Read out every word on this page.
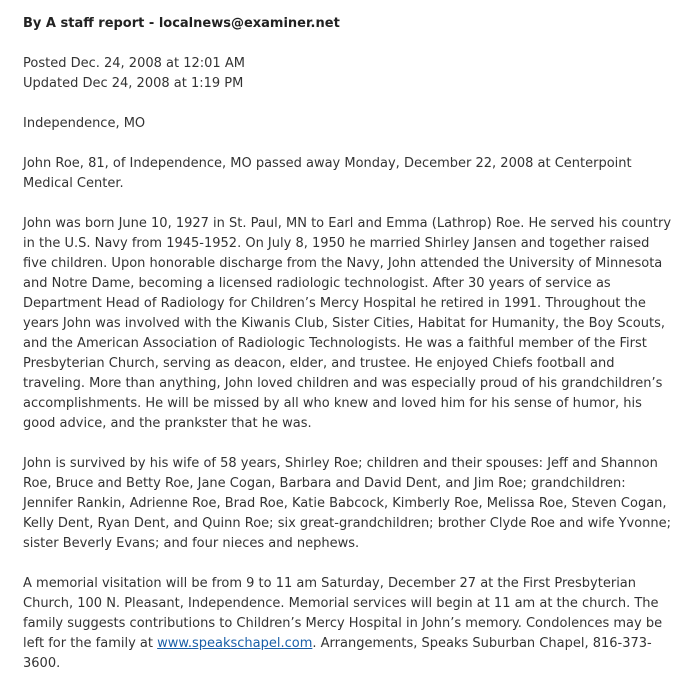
By A staff report - localnews@examiner.net
Posted Dec. 24, 2008 at 12:01 AM
Updated Dec 24, 2008 at 1:19 PM
Independence, MO

John Roe, 81, of Independence, MO passed away Monday, December 22, 2008 at Centerpoint Medical Center.

John was born June 10, 1927 in St. Paul, MN to Earl and Emma (Lathrop) Roe. He served his country in the U.S. Navy from 1945-1952. On July 8, 1950 he married Shirley Jansen and together raised five children. Upon honorable discharge from the Navy, John attended the University of Minnesota and Notre Dame, becoming a licensed radiologic technologist. After 30 years of service as Department Head of Radiology for Children’s Mercy Hospital he retired in 1991. Throughout the years John was involved with the Kiwanis Club, Sister Cities, Habitat for Humanity, the Boy Scouts, and the American Association of Radiologic Technologists. He was a faithful member of the First Presbyterian Church, serving as deacon, elder, and trustee. He enjoyed Chiefs football and traveling. More than anything, John loved children and was especially proud of his grandchildren’s accomplishments. He will be missed by all who knew and loved him for his sense of humor, his good advice, and the prankster that he was.

John is survived by his wife of 58 years, Shirley Roe; children and their spouses: Jeff and Shannon Roe, Bruce and Betty Roe, Jane Cogan, Barbara and David Dent, and Jim Roe; grandchildren: Jennifer Rankin, Adrienne Roe, Brad Roe, Katie Babcock, Kimberly Roe, Melissa Roe, Steven Cogan, Kelly Dent, Ryan Dent, and Quinn Roe; six great-grandchildren; brother Clyde Roe and wife Yvonne; sister Beverly Evans; and four nieces and nephews.

A memorial visitation will be from 9 to 11 am Saturday, December 27 at the First Presbyterian Church, 100 N. Pleasant, Independence. Memorial services will begin at 11 am at the church. The family suggests contributions to Children’s Mercy Hospital in John’s memory. Condolences may be left for the family at www.speakschapel.com. Arrangements, Speaks Suburban Chapel, 816-373-3600.
